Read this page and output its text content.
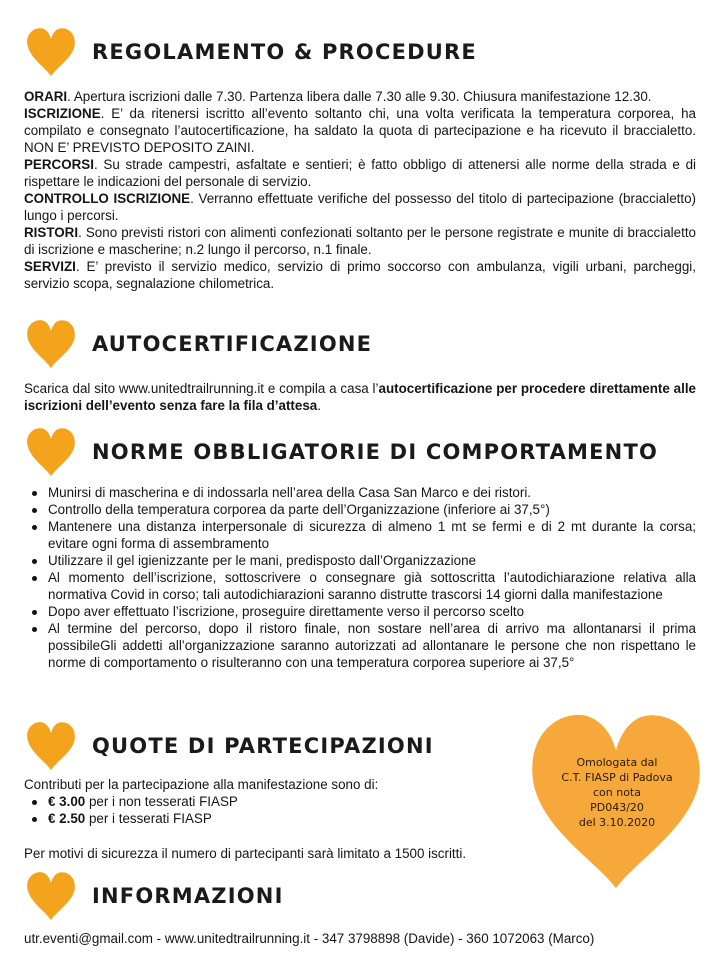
REGOLAMENTO & PROCEDURE

ORARI. Apertura iscrizioni dalle 7.30. Partenza libera dalle 7.30 alle 9.30. Chiusura manifestazione 12.30.

ISCRIZIONE. E’ da ritenersi iscritto all’evento soltanto chi, una volta verificata la temperatura corporea, ha compilato e consegnato l’autocertificazione, ha saldato la quota di partecipazione e ha ricevuto il braccialetto. NON E’ PREVISTO DEPOSITO ZAINI.

PERCORSI. Su strade campestri, asfaltate e sentieri; è fatto obbligo di attenersi alle norme della strada e di rispettare le indicazioni del personale di servizio.

CONTROLLO ISCRIZIONE. Verranno effettuate verifiche del possesso del titolo di partecipazione (braccialetto) lungo i percorsi.

RISTORI. Sono previsti ristori con alimenti confezionati soltanto per le persone registrate e munite di braccialetto di iscrizione e mascherine; n.2 lungo il percorso, n.1 finale.

SERVIZI. E’ previsto il servizio medico, servizio di primo soccorso con ambulanza, vigili urbani, parcheggi, servizio scopa, segnalazione chilometrica.

AUTOCERTIFICAZIONE

Scarica dal sito www.unitedtrailrunning.it e compila a casa l’autocertificazione per procedere direttamente alle iscrizioni dell’evento senza fare la fila d’attesa.

NORME OBBLIGATORIE DI COMPORTAMENTO
Munirsi di mascherina e di indossarla nell’area della Casa San Marco e dei ristori.
Controllo della temperatura corporea da parte dell’Organizzazione (inferiore ai 37,5°)
Mantenere una distanza interpersonale di sicurezza di almeno 1 mt se fermi e di 2 mt durante la corsa; evitare ogni forma di assembramento
Utilizzare il gel igienizzante per le mani, predisposto dall’Organizzazione
Al momento dell’iscrizione, sottoscrivere o consegnare già sottoscritta l’autodichiarazione relativa alla normativa Covid in corso; tali autodichiarazioni saranno distrutte trascorsi 14 giorni dalla manifestazione
Dopo aver effettuato l’iscrizione, proseguire direttamente verso il percorso scelto
Al termine del percorso, dopo il ristoro finale, non sostare nell’area di arrivo ma allontanarsi il prima possibileGli addetti all’organizzazione saranno autorizzati ad allontanare le persone che non rispettano le norme di comportamento o risulteranno con una temperatura corporea superiore ai 37,5°
Omologata dal
C.T. FIASP di Padova
con nota
PD043/20
del 3.10.2020
QUOTE DI PARTECIPAZIONI
Contributi per la partecipazione alla manifestazione sono di:
€ 3.00 per i non tesserati FIASP
€ 2.50 per i tesserati FIASP
Per motivi di sicurezza il numero di partecipanti sarà limitato a 1500 iscritti.
INFORMAZIONI
utr.eventi@gmail.com - www.unitedtrailrunning.it - 347 3798898 (Davide) - 360 1072063 (Marco)
